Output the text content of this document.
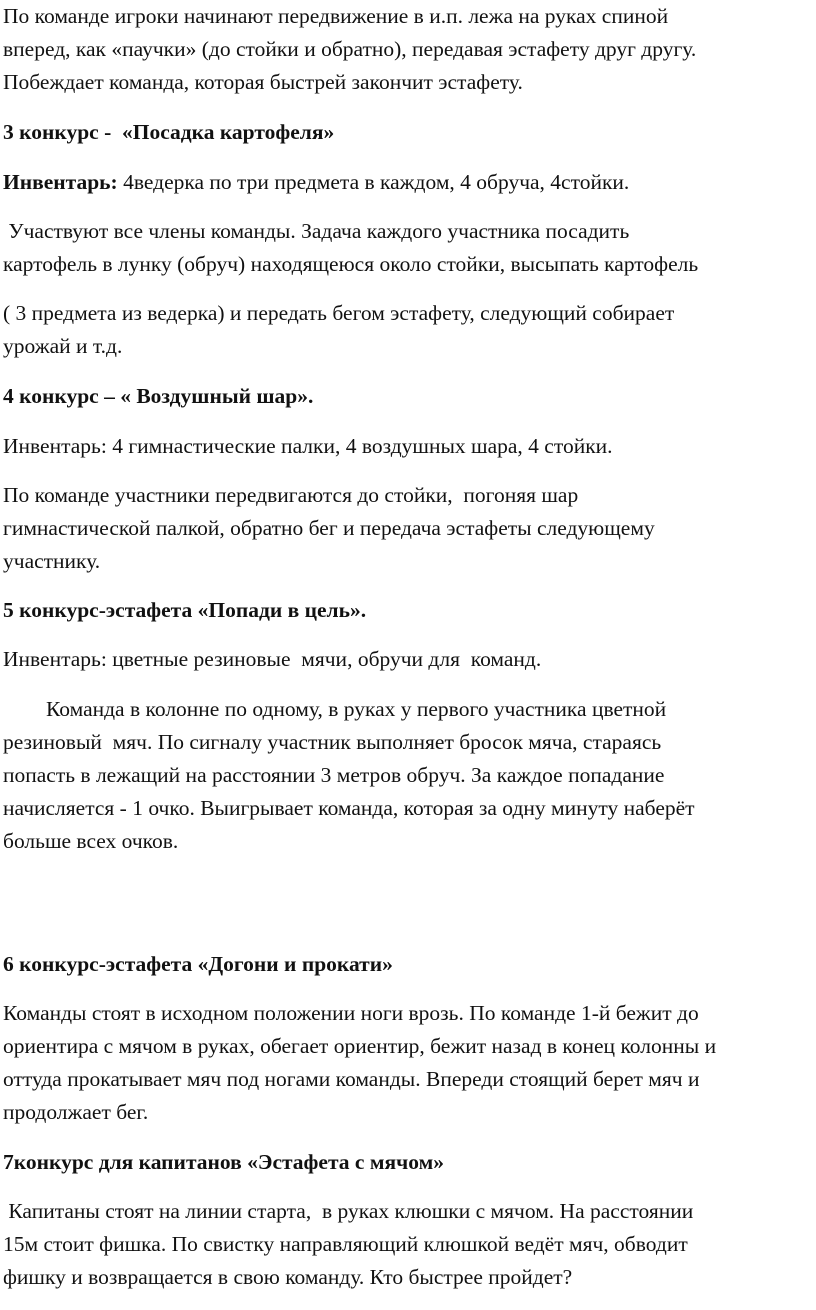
По команде игроки начинают передвижение в и.п. лежа на руках спиной

вперед, как «паучки» (до стойки и обратно), передавая эстафету друг другу.

Побеждает команда, которая быстрей закончит эстафету.

3 конкурс -  «Посадка картофеля»

Инвентарь: 4ведерка по три предмета в каждом, 4 обруча, 4стойки.

Участвуют все члены команды. Задача каждого участника посадить

картофель в лунку (обруч) находящеюся около стойки, высыпать картофель

( 3 предмета из ведерка) и передать бегом эстафету, следующий собирает

урожай и т.д.

4 конкурс – « Воздушный шар».

Инвентарь: 4 гимнастические палки, 4 воздушных шара, 4 стойки.

По команде участники передвигаются до стойки,  погоняя шар

гимнастической палкой, обратно бег и передача эстафеты следующему

участнику.

5 конкурс-эстафета «Попади в цель».

Инвентарь: цветные резиновые  мячи, обручи для  команд.

Команда в колонне по одному, в руках у первого участника цветной

резиновый  мяч. По сигналу участник выполняет бросок мяча, стараясь

попасть в лежащий на расстоянии 3 метров обруч. За каждое попадание

начисляется - 1 очко. Выигрывает команда, которая за одну минуту наберёт

больше всех очков.

6 конкурс-эстафета «Догони и прокати»

Команды стоят в исходном положении ноги врозь. По команде 1-й бежит до

ориентира с мячом в руках, обегает ориентир, бежит назад в конец колонны и

оттуда прокатывает мяч под ногами команды. Впереди стоящий берет мяч и

продолжает бег.

7конкурс для капитанов «Эстафета с мячом»

Капитаны стоят на линии старта,  в руках клюшки с мячом. На расстоянии

15м стоит фишка. По свистку направляющий клюшкой ведёт мяч, обводит

фишку и возвращается в свою команду. Кто быстрее пройдет?
